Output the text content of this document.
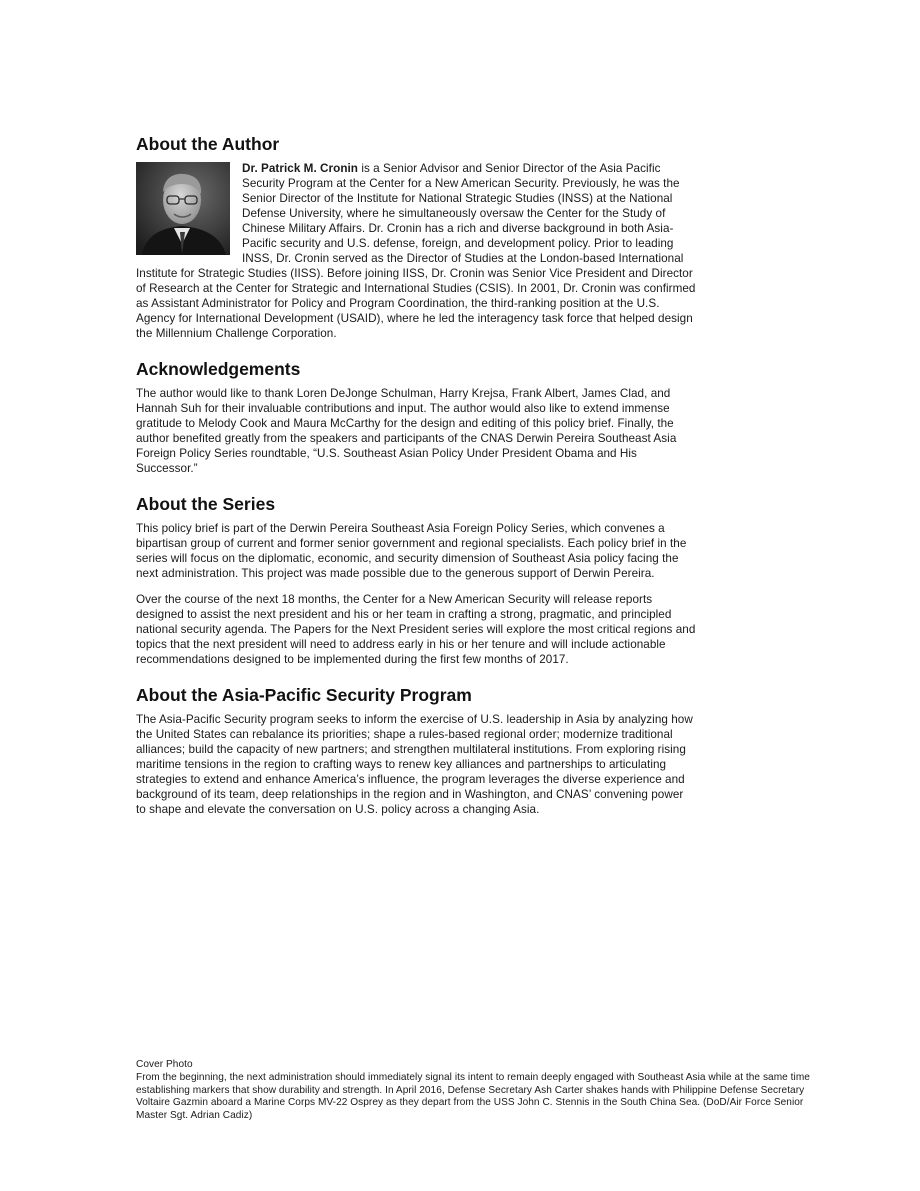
About the Author

Dr. Patrick M. Cronin is a Senior Advisor and Senior Director of the Asia Pacific Security Program at the Center for a New American Security. Previously, he was the Senior Director of the Institute for National Strategic Studies (INSS) at the National Defense University, where he simultaneously oversaw the Center for the Study of Chinese Military Affairs. Dr. Cronin has a rich and diverse background in both Asia-Pacific security and U.S. defense, foreign, and development policy. Prior to leading INSS, Dr. Cronin served as the Director of Studies at the London-based International Institute for Strategic Studies (IISS). Before joining IISS, Dr. Cronin was Senior Vice President and Director of Research at the Center for Strategic and International Studies (CSIS). In 2001, Dr. Cronin was confirmed as Assistant Administrator for Policy and Program Coordination, the third-ranking position at the U.S. Agency for International Development (USAID), where he led the interagency task force that helped design the Millennium Challenge Corporation.

Acknowledgements

The author would like to thank Loren DeJonge Schulman, Harry Krejsa, Frank Albert, James Clad, and Hannah Suh for their invaluable contributions and input. The author would also like to extend immense gratitude to Melody Cook and Maura McCarthy for the design and editing of this policy brief. Finally, the author benefited greatly from the speakers and participants of the CNAS Derwin Pereira Southeast Asia Foreign Policy Series roundtable, “U.S. Southeast Asian Policy Under President Obama and His Successor.”

About the Series

This policy brief is part of the Derwin Pereira Southeast Asia Foreign Policy Series, which convenes a bipartisan group of current and former senior government and regional specialists. Each policy brief in the series will focus on the diplomatic, economic, and security dimension of Southeast Asia policy facing the next administration. This project was made possible due to the generous support of Derwin Pereira.

Over the course of the next 18 months, the Center for a New American Security will release reports designed to assist the next president and his or her team in crafting a strong, pragmatic, and principled national security agenda. The Papers for the Next President series will explore the most critical regions and topics that the next president will need to address early in his or her tenure and will include actionable recommendations designed to be implemented during the first few months of 2017.

About the Asia-Pacific Security Program

The Asia-Pacific Security program seeks to inform the exercise of U.S. leadership in Asia by analyzing how the United States can rebalance its priorities; shape a rules-based regional order; modernize traditional alliances; build the capacity of new partners; and strengthen multilateral institutions. From exploring rising maritime tensions in the region to crafting ways to renew key alliances and partnerships to articulating strategies to extend and enhance America’s influence, the program leverages the diverse experience and background of its team, deep relationships in the region and in Washington, and CNAS’ convening power to shape and elevate the conversation on U.S. policy across a changing Asia.

Cover Photo

From the beginning, the next administration should immediately signal its intent to remain deeply engaged with Southeast Asia while at the same time establishing markers that show durability and strength. In April 2016, Defense Secretary Ash Carter shakes hands with Philippine Defense Secretary Voltaire Gazmin aboard a Marine Corps MV-22 Osprey as they depart from the USS John C. Stennis in the South China Sea. (DoD/Air Force Senior Master Sgt. Adrian Cadiz)
